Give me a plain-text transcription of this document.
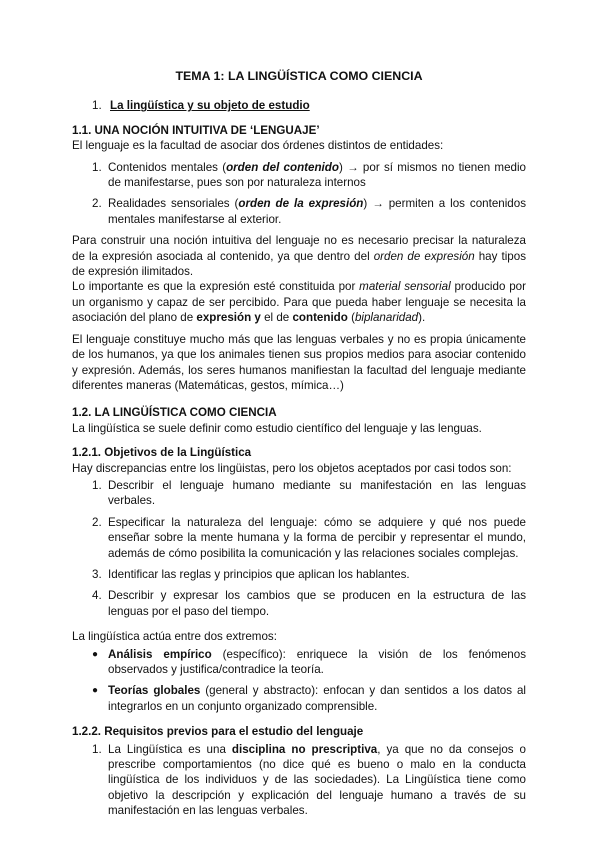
TEMA 1: LA LINGÜÍSTICA COMO CIENCIA
1. La lingüística y su objeto de estudio
1.1. UNA NOCIÓN INTUITIVA DE ‘LENGUAJE’

El lenguaje es la facultad de asociar dos órdenes distintos de entidades:

1. Contenidos mentales (orden del contenido) → por sí mismos no tienen medio de manifestarse, pues son por naturaleza internos
2. Realidades sensoriales (orden de la expresión) → permiten a los contenidos mentales manifestarse al exterior.

Para construir una noción intuitiva del lenguaje no es necesario precisar la naturaleza de la expresión asociada al contenido, ya que dentro del orden de expresión hay tipos de expresión ilimitados.
Lo importante es que la expresión esté constituida por material sensorial producido por un organismo y capaz de ser percibido. Para que pueda haber lenguaje se necesita la asociación del plano de expresión y el de contenido (biplanaridad).

El lenguaje constituye mucho más que las lenguas verbales y no es propia únicamente de los humanos, ya que los animales tienen sus propios medios para asociar contenido y expresión. Además, los seres humanos manifiestan la facultad del lenguaje mediante diferentes maneras (Matemáticas, gestos, mímica…)

1.2. LA LINGÜÍSTICA COMO CIENCIA

La lingüística se suele definir como estudio científico del lenguaje y las lenguas.

1.2.1. Objetivos de la Lingüística

Hay discrepancias entre los lingüistas, pero los objetos aceptados por casi todos son:

1. Describir el lenguaje humano mediante su manifestación en las lenguas verbales.
2. Especificar la naturaleza del lenguaje: cómo se adquiere y qué nos puede enseñar sobre la mente humana y la forma de percibir y representar el mundo, además de cómo posibilita la comunicación y las relaciones sociales complejas.
3. Identificar las reglas y principios que aplican los hablantes.
4. Describir y expresar los cambios que se producen en la estructura de las lenguas por el paso del tiempo.

La lingüística actúa entre dos extremos:

● Análisis empírico (específico): enriquece la visión de los fenómenos observados y justifica/contradice la teoría.
● Teorías globales (general y abstracto): enfocan y dan sentidos a los datos al integrarlos en un conjunto organizado comprensible.
1.2.2. Requisitos previos para el estudio del lenguaje
1. La Lingüística es una disciplina no prescriptiva, ya que no da consejos o prescribe comportamientos (no dice qué es bueno o malo en la conducta lingüística de los individuos y de las sociedades). La Lingüística tiene como objetivo la descripción y explicación del lenguaje humano a través de su manifestación en las lenguas verbales.
